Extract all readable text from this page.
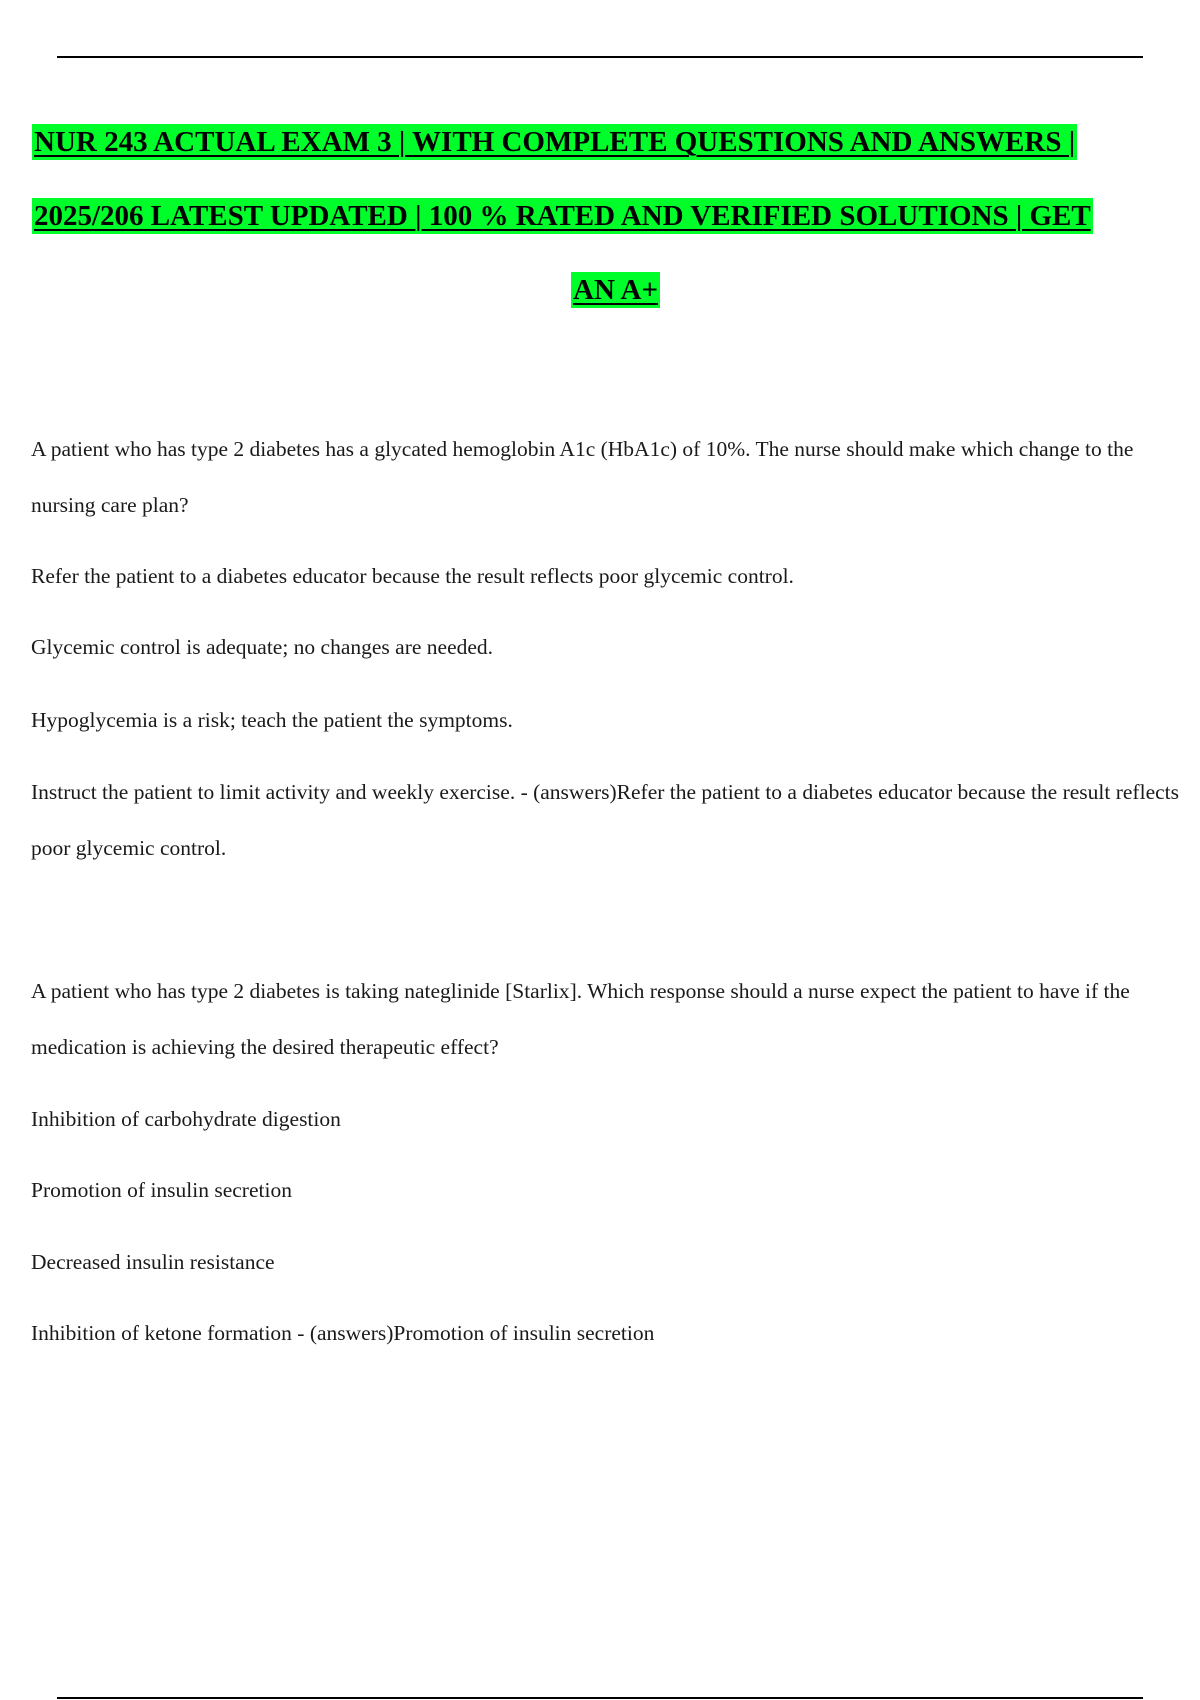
NUR 243 ACTUAL EXAM 3 | WITH COMPLETE QUESTIONS AND ANSWERS |
2025/206 LATEST UPDATED | 100 % RATED AND VERIFIED SOLUTIONS | GET
AN A+

A patient who has type 2 diabetes has a glycated hemoglobin A1c (HbA1c) of 10%. The nurse should make which change to the nursing care plan?

Refer the patient to a diabetes educator because the result reflects poor glycemic control.

Glycemic control is adequate; no changes are needed.

Hypoglycemia is a risk; teach the patient the symptoms.

Instruct the patient to limit activity and weekly exercise. - (answers)Refer the patient to a diabetes educator because the result reflects poor glycemic control.

A patient who has type 2 diabetes is taking nateglinide [Starlix]. Which response should a nurse expect the patient to have if the medication is achieving the desired therapeutic effect?

Inhibition of carbohydrate digestion

Promotion of insulin secretion

Decreased insulin resistance

Inhibition of ketone formation - (answers)Promotion of insulin secretion
